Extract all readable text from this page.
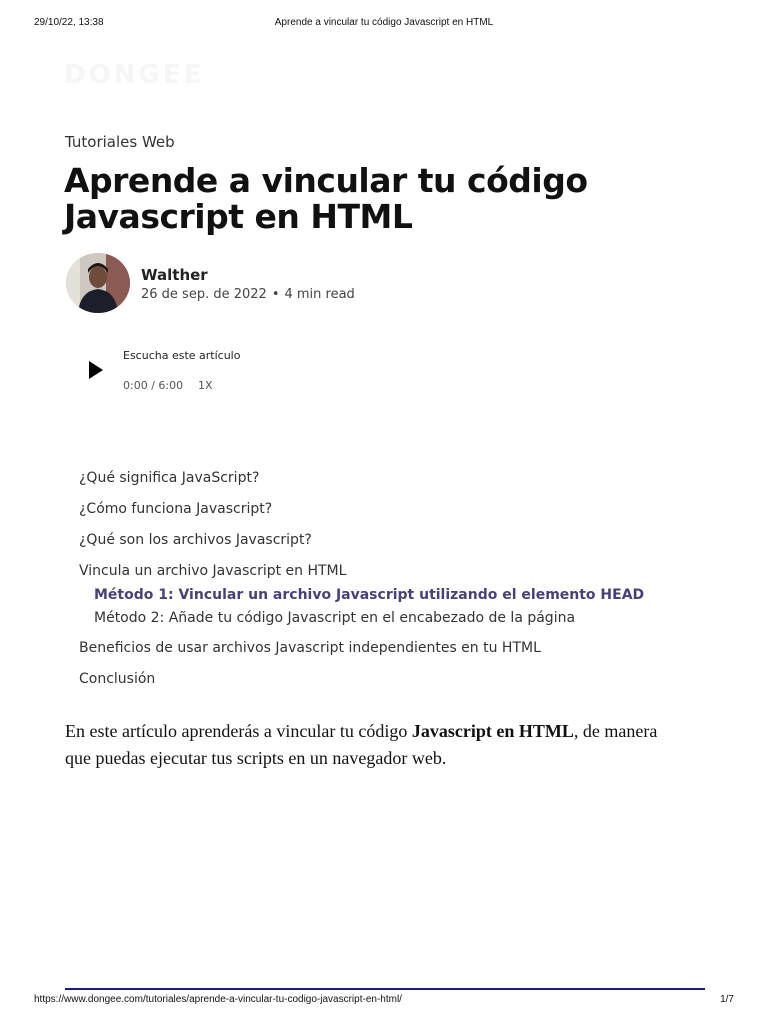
29/10/22, 13:38	Aprende a vincular tu código Javascript en HTML
DONGEE
Tutoriales Web
Aprende a vincular tu código Javascript en HTML
Walther
26 de sep. de 2022 • 4 min read
Escucha este artículo
0:00 / 6:00 1X
¿Qué significa JavaScript?
¿Cómo funciona Javascript?
¿Qué son los archivos Javascript?
Vincula un archivo Javascript en HTML
Método 1: Vincular un archivo Javascript utilizando el elemento HEAD
Método 2: Añade tu código Javascript en el encabezado de la página
Beneficios de usar archivos Javascript independientes en tu HTML
Conclusión

En este artículo aprenderás a vincular tu código Javascript en HTML, de manera que puedas ejecutar tus scripts en un navegador web.

https://www.dongee.com/tutoriales/aprende-a-vincular-tu-codigo-javascript-en-html/	1/7
